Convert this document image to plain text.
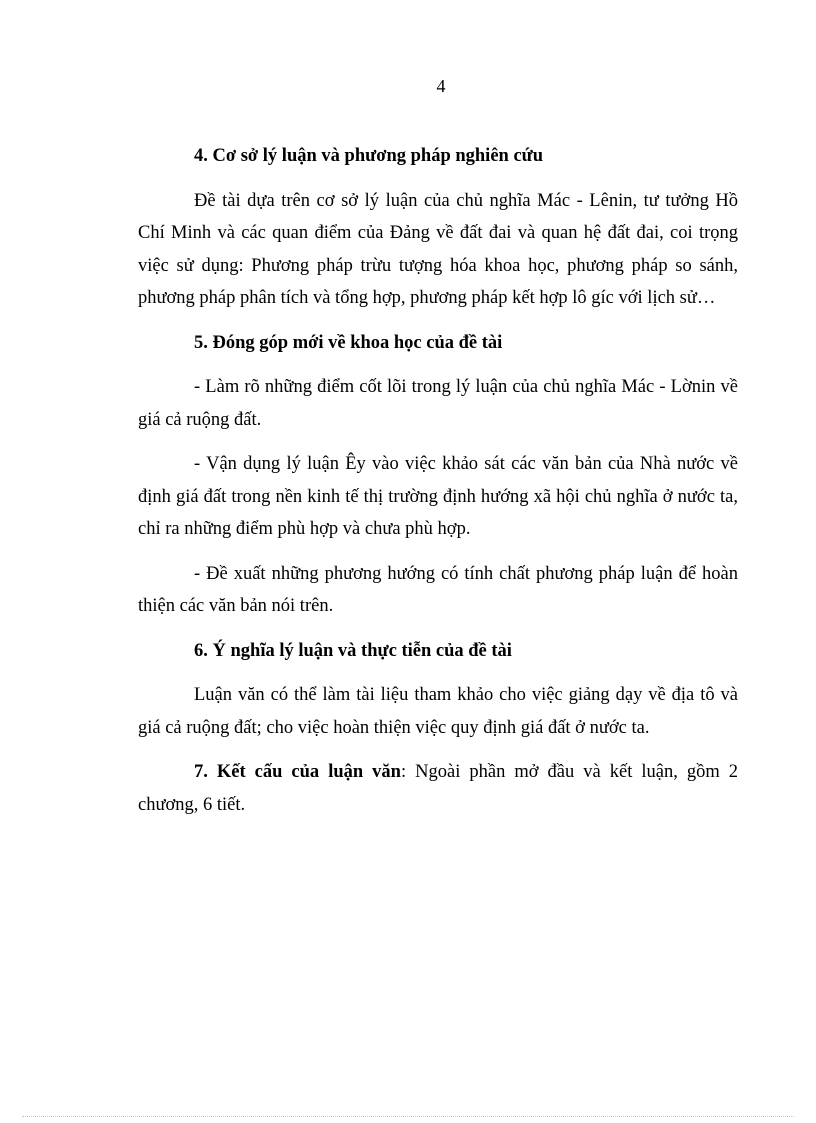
4
4. Cơ sở lý luận và phương pháp nghiên cứu
Đề tài dựa trên cơ sở lý luận của chủ nghĩa Mác - Lênin, tư tưởng Hồ Chí Minh và các quan điểm của Đảng về đất đai và quan hệ đất đai, coi trọng việc sử dụng: Phương pháp trừu tượng hóa khoa học, phương pháp so sánh, phương pháp phân tích và tổng hợp, phương pháp kết hợp lô gíc với lịch sử…
5. Đóng góp mới về khoa học của đề tài
- Làm rõ những điểm cốt lõi trong lý luận của chủ nghĩa Mác - Lờnin về giá cả ruộng đất.
- Vận dụng lý luận Êy vào việc khảo sát các văn bản của Nhà nước về định giá đất trong nền kinh tế thị trường định hướng xã hội chủ nghĩa ở nước ta, chỉ ra những điểm phù hợp và chưa phù hợp.
- Đề xuất những phương hướng có tính chất phương pháp luận để hoàn thiện các văn bản nói trên.
6. Ý nghĩa lý luận và thực tiễn của đề tài
Luận văn có thể làm tài liệu tham khảo cho việc giảng dạy về địa tô và giá cả ruộng đất; cho việc hoàn thiện việc quy định giá đất ở nước ta.
7. Kết cấu của luận văn: Ngoài phần mở đầu và kết luận, gồm 2 chương, 6 tiết.
